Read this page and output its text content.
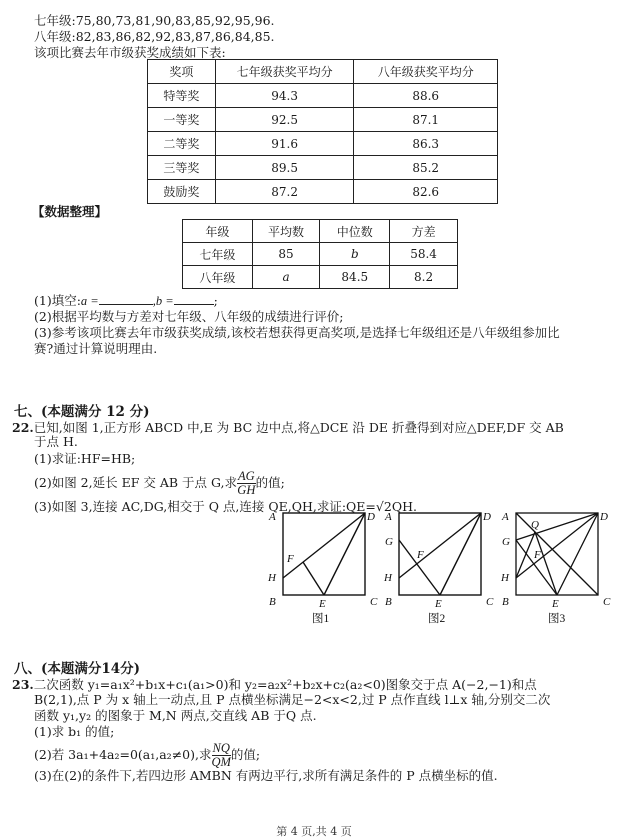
七年级:75,80,73,81,90,83,85,92,95,96.
八年级:82,83,86,82,92,83,87,86,84,85.
该项比赛去年市级获奖成绩如下表:
奖项	七年级获奖平均分	八年级获奖平均分
特等奖	94.3	88.6
一等奖	92.5	87.1
二等奖	91.6	86.3
三等奖	89.5	85.2
鼓励奖	87.2	82.6
【数据整理】
年级	平均数	中位数	方差
七年级	85	b	58.4
八年级	a	84.5	8.2
(1)填空:a =	,b =	;
(2)根据平均数与方差对七年级、八年级的成绩进行评价;
(3)参考该项比赛去年市级获奖成绩,该校若想获得更高奖项,是选择七年级组还是八年级组参加比
赛?通过计算说明理由.
七、(本题满分 12 分)
22.已知,如图 1,正方形 ABCD 中,E 为 BC 边中点,将△DCE 沿 DE 折叠得到对应△DEF,DF 交 AB
于点 H.
(1)求证:HF=HB;
(2)如图 2,延长 EF 交 AB 于点 G,求 $\frac{AG}{GH}$ 的值;
(3)如图 3,连接 AC,DG,相交于 Q 点,连接 QE,QH,求证:QE=√2QH.
A	D
B	C
E
F
H
图1
A	D
G
B	C
E
F
H
图2
A	D
G
Q
B	C
E
F
H
图3
八、(本题满分14分)
23.二次函数 y₁=a₁x²+b₁x+c₁(a₁>0)和 y₂=a₂x²+b₂x+c₂(a₂<0)图象交于点 A(−2,−1)和点
B(2,1),点 P 为 x 轴上一动点,且 P 点横坐标满足−2<x<2,过 P 点作直线 l⊥x 轴,分别交二次
函数 y₁,y₂ 的图象于 M,N 两点,交直线 AB 于Q 点.
(1)求 b₁ 的值;
(2)若 3a₁+4a₂=0(a₁,a₂≠0),求 $\frac{NQ}{QM}$ 的值;
(3)在(2)的条件下,若四边形 AMBN 有两边平行,求所有满足条件的 P 点横坐标的值.
第 4 页,共 4 页
